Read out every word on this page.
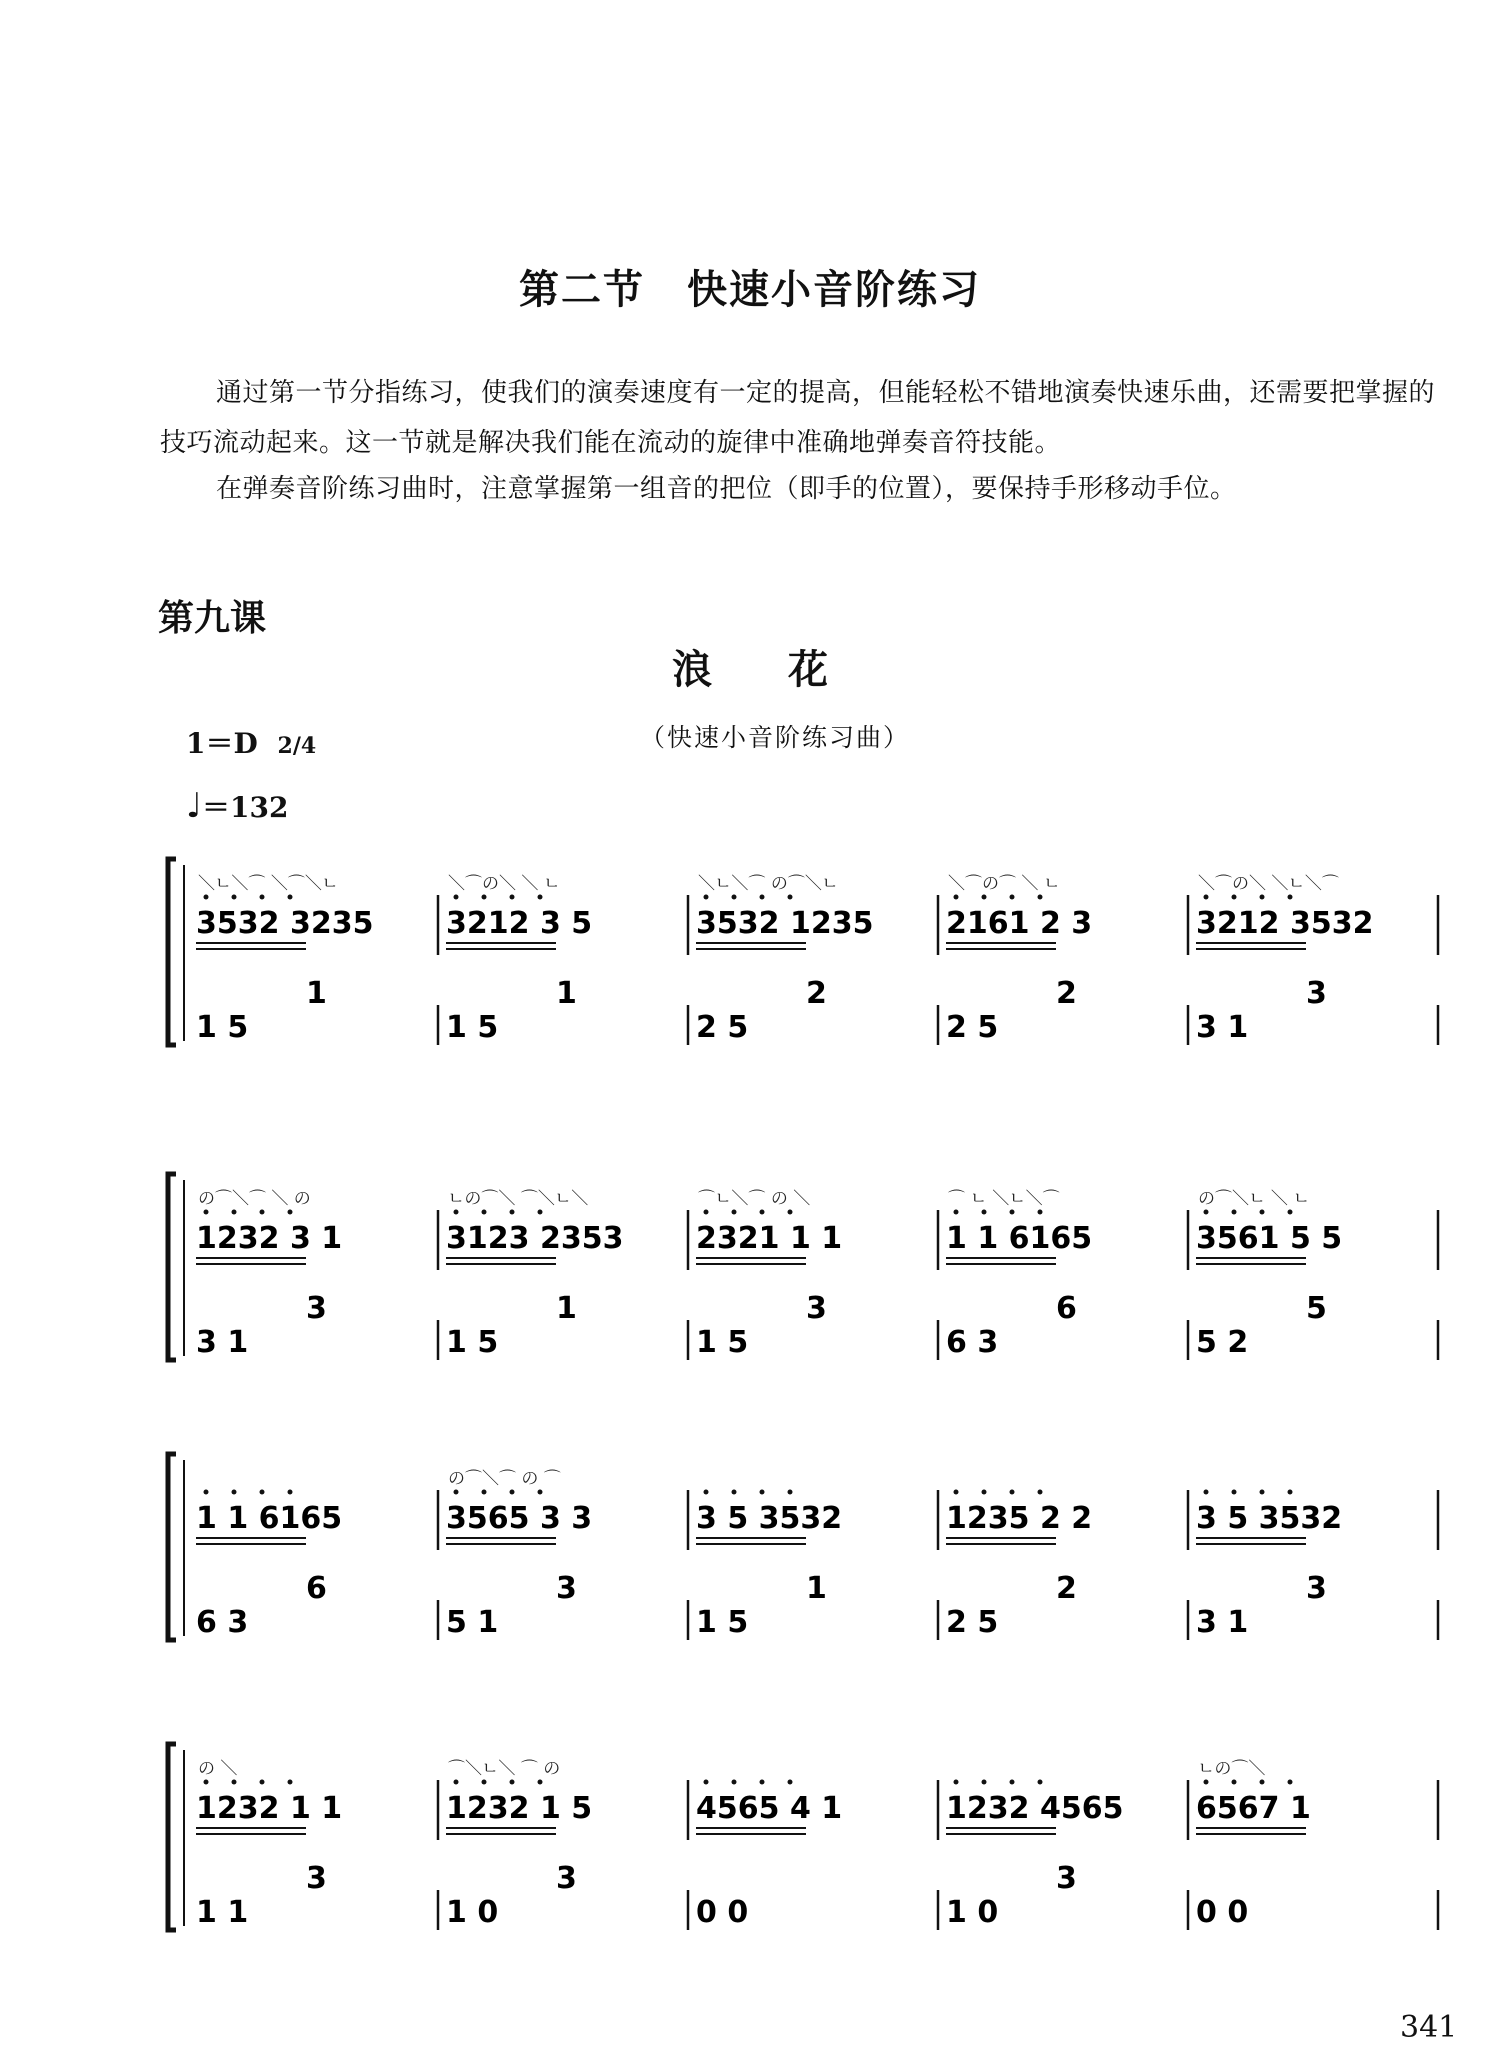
第二节　快速小音阶练习
通过第一节分指练习，使我们的演奏速度有一定的提高，但能轻松不错地演奏快速乐曲，还需要把掌握的技巧流动起来。这一节就是解决我们能在流动的旋律中准确地弹奏音符技能。
在弹奏音阶练习曲时，注意掌握第一组音的把位（即手的位置），要保持手形移动手位。
第九课
浪花
（快速小音阶练习曲）
1＝D 2/4
♩＝132
＼ㄴ＼⌒ ＼⌒＼ㄴ
3532 3235
1
1 5
＼⌒の＼ ＼ ㄴ
3212 3 5
1
1 5
＼ㄴ＼⌒ の⌒＼ㄴ
3532 1235
2
2 5
＼⌒の⌒ ＼ ㄴ
2161 2 3
2
2 5
＼⌒の＼ ＼ㄴ＼⌒
3212 3532
3
3 1
の⌒＼⌒ ＼ の
1232 3 1
3
3 1
ㄴの⌒＼ ⌒＼ㄴ＼
3123 2353
1
1 5
⌒ㄴ＼⌒ の ＼
2321 1 1
3
1 5
⌒ ㄴ ＼ㄴ＼⌒
1 1 6165
6
6 3
の⌒＼ㄴ ＼ ㄴ
3561 5 5
5
5 2
1 1 6165
6
6 3
の⌒＼⌒ の ⌒
3565 3 3
3
5 1
3 5 3532
1
1 5
1235 2 2
2
2 5
3 5 3532
3
3 1
の ＼
1232 1 1
3
1 1
⌒＼ㄴ＼ ⌒ の
1232 1 5
3
1 0
4565 4 1
0 0
1232 4565
3
1 0
ㄴの⌒＼
6567 1
0 0
341
